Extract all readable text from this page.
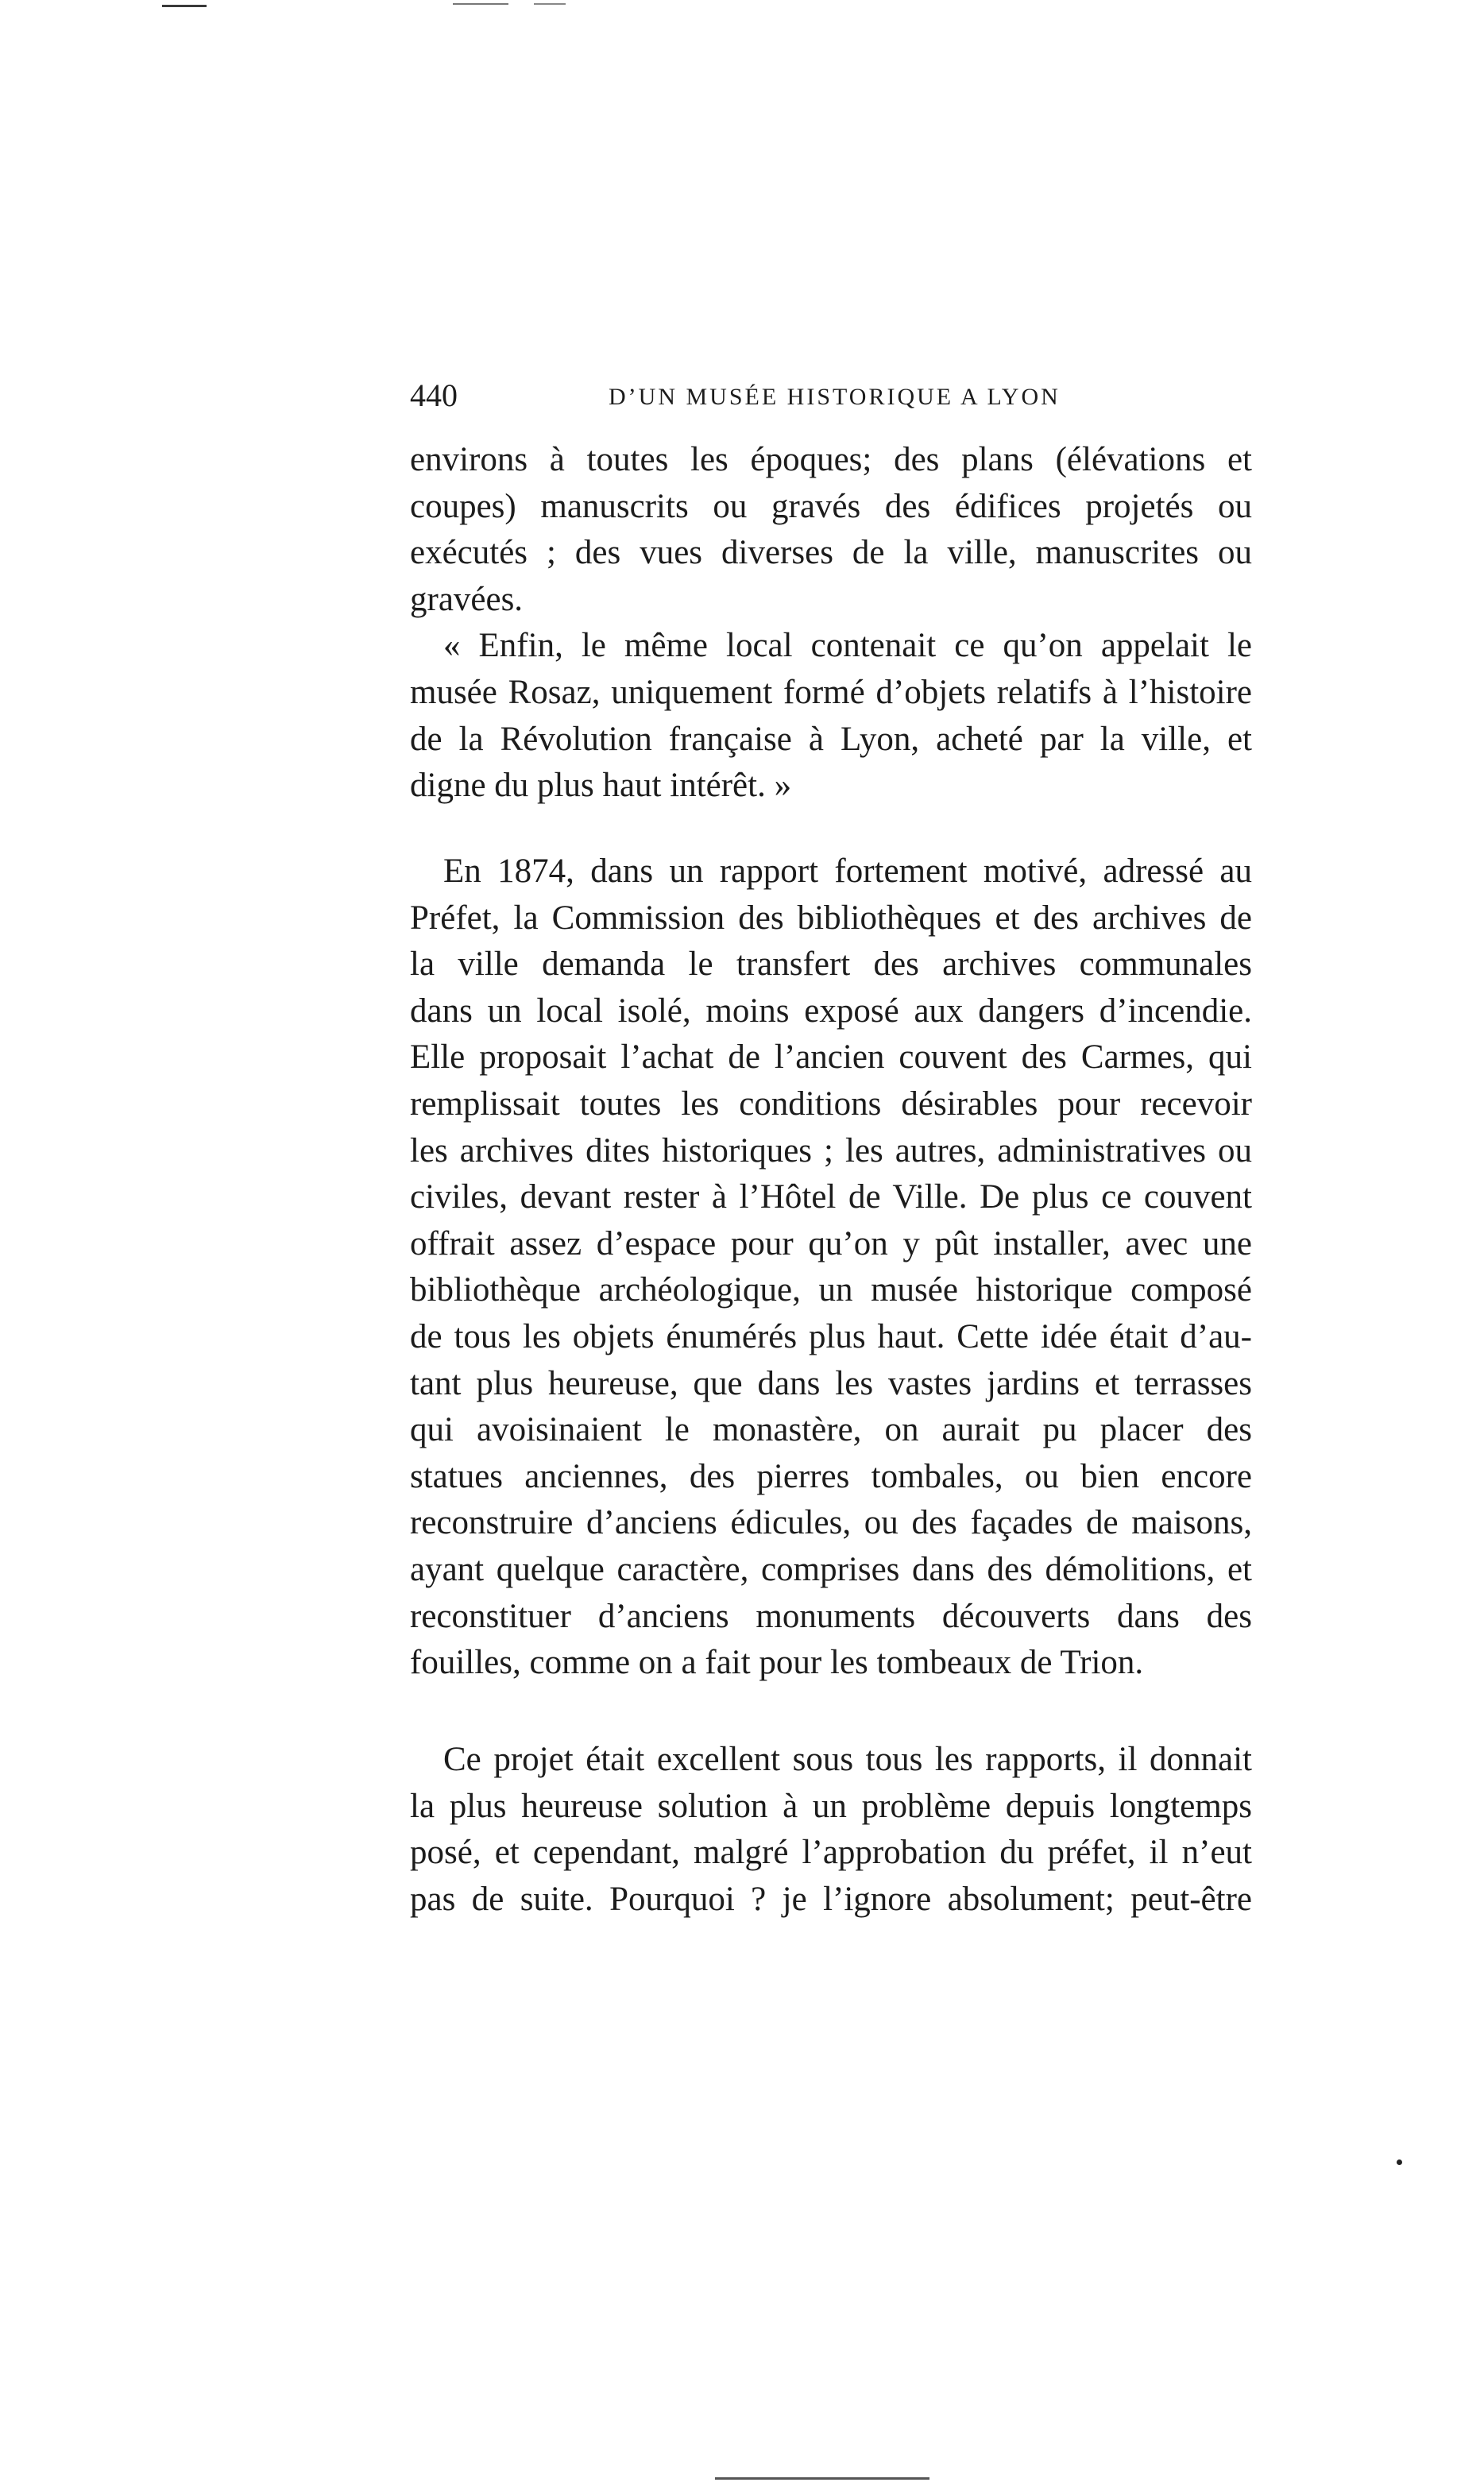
440	D’UN MUSÉE HISTORIQUE A LYON
environs à toutes les époques; des plans (élévations et
coupes) manuscrits ou gravés des édifices projetés ou
exécutés ; des vues diverses de la ville, manuscrites ou
gravées.
« Enfin, le même local contenait ce qu’on appelait le
musée Rosaz, uniquement formé d’objets relatifs à l’histoire
de la Révolution française à Lyon, acheté par la ville, et
digne du plus haut intérêt. »
En 1874, dans un rapport fortement motivé, adressé au
Préfet, la Commission des bibliothèques et des archives de
la ville demanda le transfert des archives communales
dans un local isolé, moins exposé aux dangers d’incendie.
Elle proposait l’achat de l’ancien couvent des Carmes, qui
remplissait toutes les conditions désirables pour recevoir
les archives dites historiques ; les autres, administratives ou
civiles, devant rester à l’Hôtel de Ville. De plus ce couvent
offrait assez d’espace pour qu’on y pût installer, avec une
bibliothèque archéologique, un musée historique composé
de tous les objets énumérés plus haut. Cette idée était d’au-
tant plus heureuse, que dans les vastes jardins et terrasses
qui avoisinaient le monastère, on aurait pu placer des
statues anciennes, des pierres tombales, ou bien encore
reconstruire d’anciens édicules, ou des façades de maisons,
ayant quelque caractère, comprises dans des démolitions, et
reconstituer d’anciens monuments découverts dans des
fouilles, comme on a fait pour les tombeaux de Trion.
Ce projet était excellent sous tous les rapports, il donnait
la plus heureuse solution à un problème depuis longtemps
posé, et cependant, malgré l’approbation du préfet, il n’eut
pas de suite. Pourquoi ? je l’ignore absolument; peut-être
